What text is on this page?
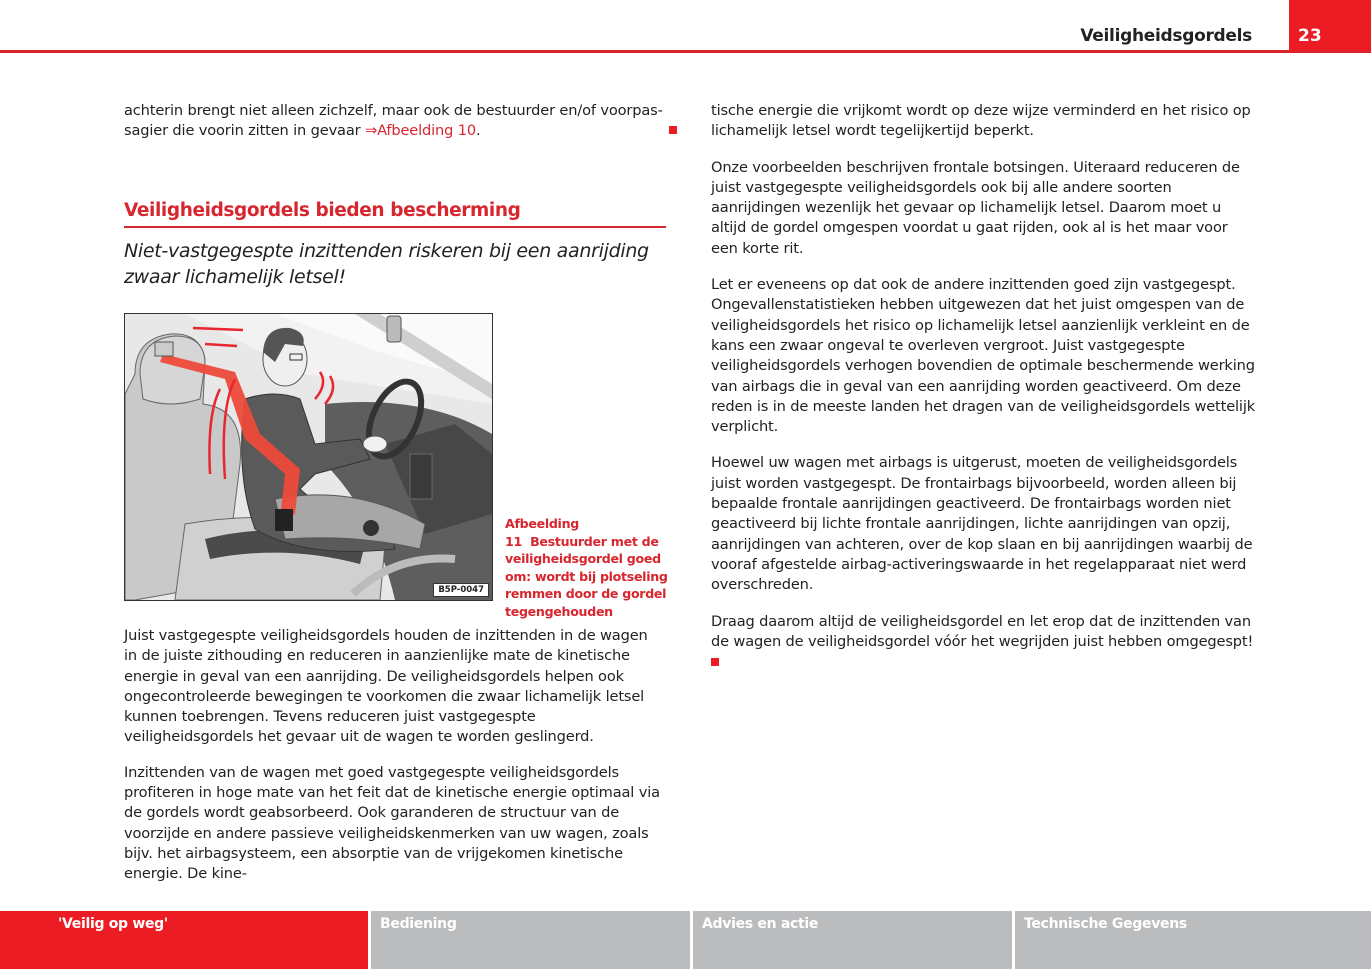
Veiligheidsgordels	23
achterin brengt niet alleen zichzelf, maar ook de bestuurder en/of voorpas-sagier die voorin zitten in gevaar ⇒Afbeelding 10.
Veiligheidsgordels bieden bescherming
Niet-vastgegespte inzittenden riskeren bij een aanrijding zwaar lichamelijk letsel!
B5P-0047
Afbeelding 11 Bestuurder met de veiligheidsgordel goed om: wordt bij plotseling remmen door de gordel tegengehouden

Juist vastgegespte veiligheidsgordels houden de inzittenden in de wagen in de juiste zithouding en reduceren in aanzienlijke mate de kinetische energie in geval van een aanrijding. De veiligheidsgordels helpen ook ongecontroleerde bewegingen te voorkomen die zwaar lichamelijk letsel kunnen toebrengen. Tevens reduceren juist vastgegespte veiligheidsgordels het gevaar uit de wagen te worden geslingerd.

Inzittenden van de wagen met goed vastgegespte veiligheidsgordels profiteren in hoge mate van het feit dat de kinetische energie optimaal via de gordels wordt geabsorbeerd. Ook garanderen de structuur van de voorzijde en andere passieve veiligheidskenmerken van uw wagen, zoals bijv. het airbagsysteem, een absorptie van de vrijgekomen kinetische energie. De kine-

tische energie die vrijkomt wordt op deze wijze verminderd en het risico op lichamelijk letsel wordt tegelijkertijd beperkt.

Onze voorbeelden beschrijven frontale botsingen. Uiteraard reduceren de juist vastgegespte veiligheidsgordels ook bij alle andere soorten aanrijdingen wezenlijk het gevaar op lichamelijk letsel. Daarom moet u altijd de gordel omgespen voordat u gaat rijden, ook al is het maar voor een korte rit.

Let er eveneens op dat ook de andere inzittenden goed zijn vastgegespt. Ongevallenstatistieken hebben uitgewezen dat het juist omgespen van de veiligheidsgordels het risico op lichamelijk letsel aanzienlijk verkleint en de kans een zwaar ongeval te overleven vergroot. Juist vastgegespte veiligheidsgordels verhogen bovendien de optimale beschermende werking van airbags die in geval van een aanrijding worden geactiveerd. Om deze reden is in de meeste landen het dragen van de veiligheidsgordels wettelijk verplicht.

Hoewel uw wagen met airbags is uitgerust, moeten de veiligheidsgordels juist worden vastgegespt. De frontairbags bijvoorbeeld, worden alleen bij bepaalde frontale aanrijdingen geactiveerd. De frontairbags worden niet geactiveerd bij lichte frontale aanrijdingen, lichte aanrijdingen van opzij, aanrijdingen van achteren, over de kop slaan en bij aanrijdingen waarbij de vooraf afgestelde airbag-activeringswaarde in het regelapparaat niet werd overschreden.

Draag daarom altijd de veiligheidsgordel en let erop dat de inzittenden van de wagen de veiligheidsgordel vóór het wegrijden juist hebben omgegespt!

'Veilig op weg'	Bediening	Advies en actie	Technische Gegevens
